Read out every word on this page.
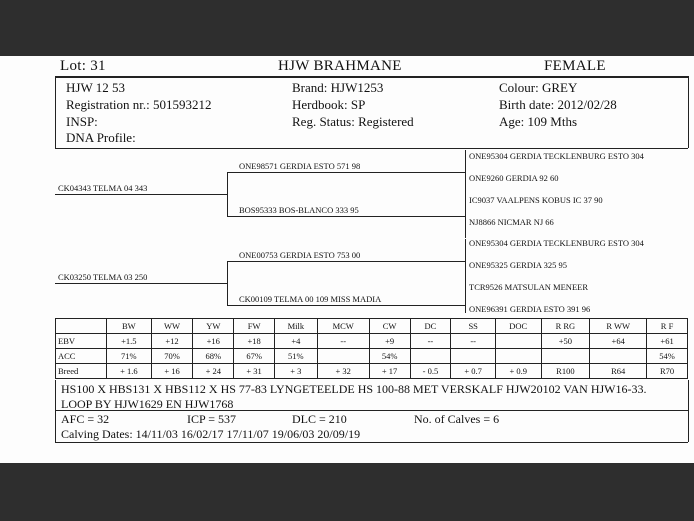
Lot: 31	HJW BRAHMANE	FEMALE
HJW 12 53
Registration nr.: 501593212
INSP:
DNA Profile:
Brand: HJW1253
Herdbook: SP
Reg. Status: Registered
Colour: GREY
Birth date: 2012/02/28
Age: 109 Mths
CK04343 TELMA 04 343
CK03250 TELMA 03 250
ONE98571 GERDIA ESTO 571 98
BOS95333 BOS-BLANCO 333 95
ONE00753 GERDIA ESTO 753 00
CK00109 TELMA 00 109 MISS MADIA
ONE95304 GERDIA TECKLENBURG ESTO 304
ONE9260 GERDIA 92 60
IC9037 VAALPENS KOBUS IC 37 90
NJ8866 NICMAR NJ 66
ONE95304 GERDIA TECKLENBURG ESTO 304
ONE95325 GERDIA 325 95
TCR9526 MATSULAN MENEER
ONE96391 GERDIA ESTO 391 96
	BW	WW	YW	FW	Milk	MCW	CW	DC	SS	DOC	R RG	R WW	R F
EBV	+1.5	+12	+16	+18	+4	--	+9	--	--		+50	+64	+61
ACC	71%	70%	68%	67%	51%		54%						54%
Breed	+ 1.6	+ 16	+ 24	+ 31	+ 3	+ 32	+ 17	- 0.5	+ 0.7	+ 0.9	R100	R64	R70
HS100 X HBS131 X HBS112 X HS 77-83 LYNGETEELDE HS 100-88 MET VERSKALF HJW20102 VAN HJW16-33.
LOOP BY HJW1629 EN HJW1768
AFC = 32	ICP = 537	DLC = 210	No. of Calves = 6
Calving Dates: 14/11/03 16/02/17 17/11/07 19/06/03 20/09/19
